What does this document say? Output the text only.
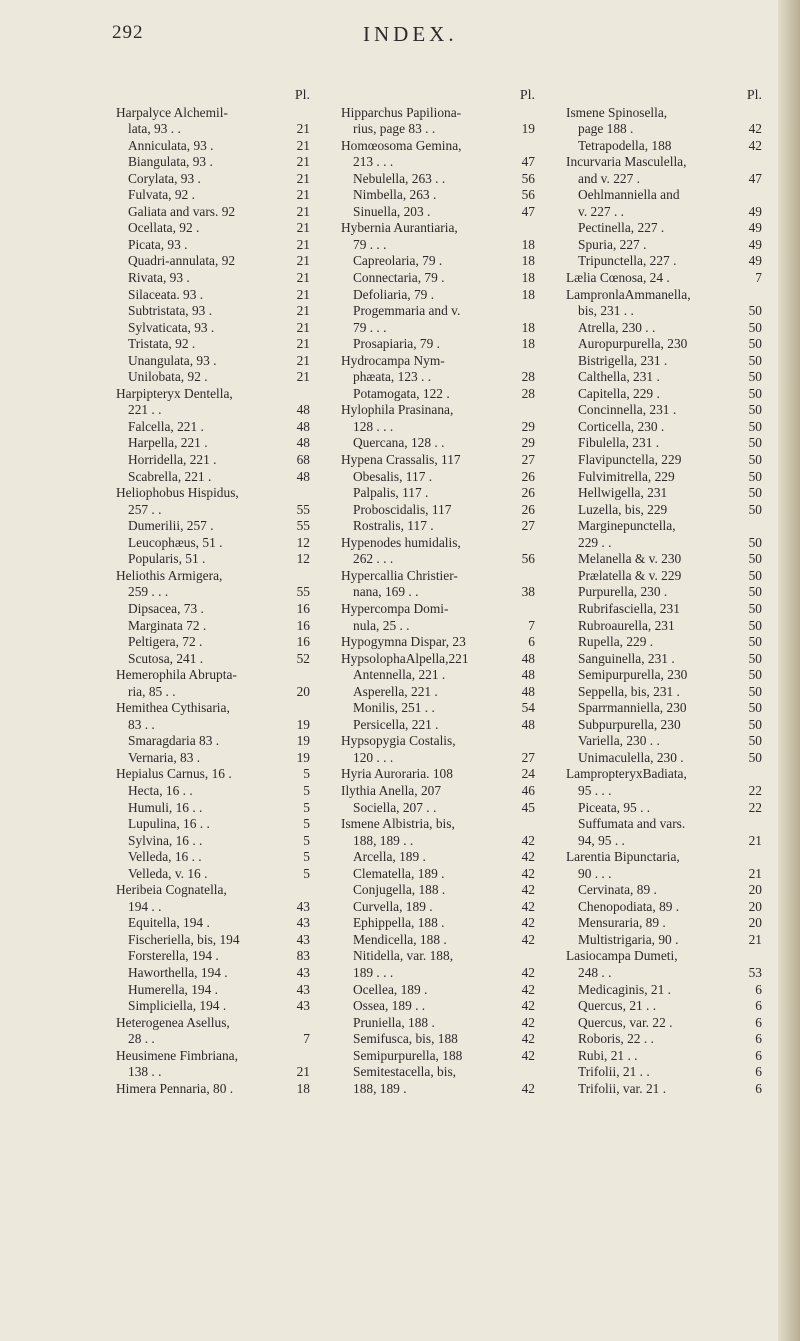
292	INDEX.
Pl.
Harpalyce Alchemil-
lata, 93 . .	21
Anniculata, 93 .	21
Biangulata, 93 .	21
Corylata, 93 .	21
Fulvata, 92 .	21
Galiata and vars. 92	21
Ocellata, 92 .	21
Picata, 93 .	21
Quadri-annulata, 92	21
Rivata, 93 .	21
Silaceata. 93 .	21
Subtristata, 93 .	21
Sylvaticata, 93 .	21
Tristata, 92 .	21
Unangulata, 93 .	21
Unilobata, 92 .	21
Harpipteryx Dentella,
221 . .	48
Falcella, 221 .	48
Harpella, 221 .	48
Horridella, 221 .	68
Scabrella, 221 .	48
Heliophobus Hispidus,
257 . .	55
Dumerilii, 257 .	55
Leucophæus, 51 .	12
Popularis, 51 .	12
Heliothis Armigera,
259 . . .	55
Dipsacea, 73 .	16
Marginata 72 .	16
Peltigera, 72 .	16
Scutosa, 241 .	52
Hemerophila Abrupta-
ria, 85 . .	20
Hemithea Cythisaria,
83 . .	19
Smaragdaria 83 .	19
Vernaria, 83 .	19
Hepialus Carnus, 16 .	5
Hecta, 16 . .	5
Humuli, 16 . .	5
Lupulina, 16 . .	5
Sylvina, 16 . .	5
Velleda, 16 . .	5
Velleda, v. 16 .	5
Heribeia Cognatella,
194 . .	43
Equitella, 194 .	43
Fischeriella, bis, 194	43
Forsterella, 194 .	83
Haworthella, 194 .	43
Humerella, 194 .	43
Simpliciella, 194 .	43
Heterogenea Asellus,
28 . .	7
Heusimene Fimbriana,
138 . .	21
Himera Pennaria, 80 .	18
Pl.
Hipparchus Papiliona-
rius, page 83 . .	19
Homœosoma Gemina,
213 . . .	47
Nebulella, 263 . .	56
Nimbella, 263 .	56
Sinuella, 203 .	47
Hybernia Aurantiaria,
79 . . .	18
Capreolaria, 79 .	18
Connectaria, 79 .	18
Defoliaria, 79 .	18
Progemmaria and v.
79 . . .	18
Prosapiaria, 79 .	18
Hydrocampa Nym-
phæata, 123 . .	28
Potamogata, 122 .	28
Hylophila Prasinana,
128 . . .	29
Quercana, 128 . .	29
Hypena Crassalis, 117	27
Obesalis, 117 .	26
Palpalis, 117 .	26
Proboscidalis, 117	26
Rostralis, 117 .	27
Hypenodes humidalis,
262 . . .	56
Hypercallia Christier-
nana, 169 . .	38
Hypercompa Domi-
nula, 25 . .	7
Hypogymna Dispar, 23	6
HypsolophaAlpella,221	48
Antennella, 221 .	48
Asperella, 221 .	48
Monilis, 251 . .	54
Persicella, 221 .	48
Hypsopygia Costalis,
120 . . .	27
Hyria Auroraria. 108	24
Ilythia Anella, 207	46
Sociella, 207 . .	45
Ismene Albistria, bis,
188, 189 . .	42
Arcella, 189 .	42
Clematella, 189 .	42
Conjugella, 188 .	42
Curvella, 189 .	42
Ephippella, 188 .	42
Mendicella, 188 .	42
Nitidella, var. 188,
189 . . .	42
Ocellea, 189 .	42
Ossea, 189 . .	42
Pruniella, 188 .	42
Semifusca, bis, 188	42
Semipurpurella, 188	42
Semitestacella, bis,
188, 189 .	42
Pl.
Ismene Spinosella,
page 188 .	42
Tetrapodella, 188	42
Incurvaria Masculella,
and v. 227 .	47
Oehlmanniella and
v. 227 . .	49
Pectinella, 227 .	49
Spuria, 227 .	49
Tripunctella, 227 .	49
Lælia Cœnosa, 24 .	7
LampronlaAmmanella,
bis, 231 . .	50
Atrella, 230 . .	50
Auropurpurella, 230	50
Bistrigella, 231 .	50
Calthella, 231 .	50
Capitella, 229 .	50
Concinnella, 231 .	50
Corticella, 230 .	50
Fibulella, 231 .	50
Flavipunctella, 229	50
Fulvimitrella, 229	50
Hellwigella, 231	50
Luzella, bis, 229	50
Marginepunctella,
229 . .	50
Melanella & v. 230	50
Prælatella & v. 229	50
Purpurella, 230 .	50
Rubrifasciella, 231	50
Rubroaurella, 231	50
Rupella, 229 .	50
Sanguinella, 231 .	50
Semipurpurella, 230	50
Seppella, bis, 231 .	50
Sparrmanniella, 230	50
Subpurpurella, 230	50
Variella, 230 . .	50
Unimaculella, 230 .	50
LampropteryxBadiata,
95 . . .	22
Piceata, 95 . .	22
Suffumata and vars.
94, 95 . .	21
Larentia Bipunctaria,
90 . . .	21
Cervinata, 89 .	20
Chenopodiata, 89 .	20
Mensuraria, 89 .	20
Multistrigaria, 90 .	21
Lasiocampa Dumeti,
248 . .	53
Medicaginis, 21 .	6
Quercus, 21 . .	6
Quercus, var. 22 .	6
Roboris, 22 . .	6
Rubi, 21 . .	6
Trifolii, 21 . .	6
Trifolii, var. 21 .	6
